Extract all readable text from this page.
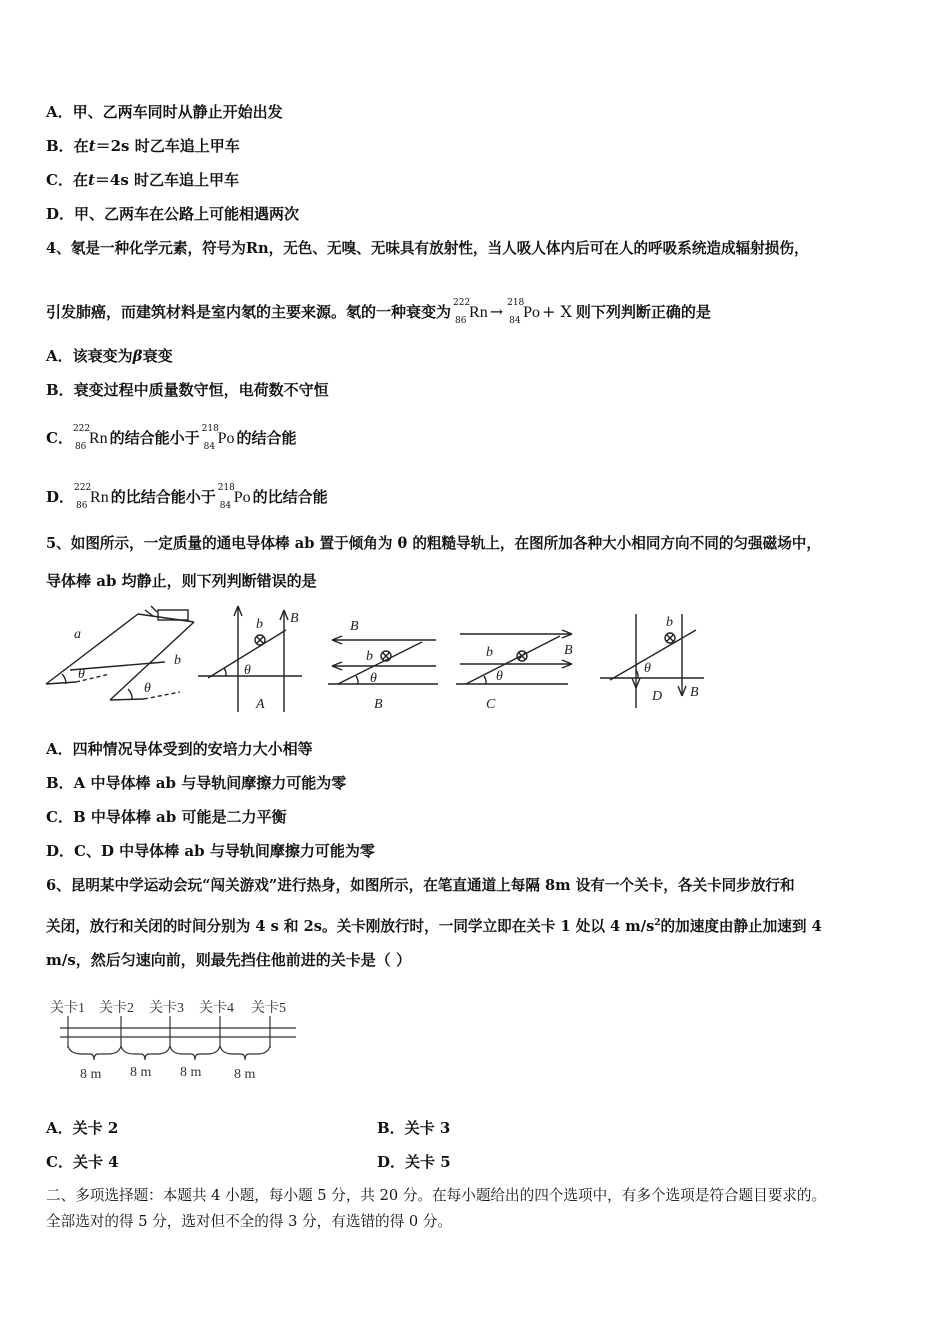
A．甲、乙两车同时从静止开始出发
B．在t＝2s 时乙车追上甲车
C．在t＝4s 时乙车追上甲车
D．甲、乙两车在公路上可能相遇两次
4、氡是一种化学元素，符号为Rn，无色、无嗅、无味具有放射性，当人吸人体内后可在人的呼吸系统造成辐射损伤，
引发肺癌，而建筑材料是室内氡的主要来源。氡的一种衰变为 222
86 Rn → 218
84 Po + X 则下列判断正确的是
A．该衰变为β衰变
B．衰变过程中质量数守恒，电荷数不守恒
C． 222
86 Rn 的结合能小于 218
84 Po 的结合能
D． 222
86 Rn 的比结合能小于 218
84 Po 的比结合能
5、如图所示，一定质量的通电导体棒 ab 置于倾角为 θ 的粗糙导轨上，在图所加各种大小相同方向不同的匀强磁场中，
导体棒 ab 均静止，则下列判断错误的是
a
b
θ
θ
b B
θ
A
B
b
θ
B
b	B
θ
C
b
θ
D B
A．四种情况导体受到的安培力大小相等
B．A 中导体棒 ab 与导轨间摩擦力可能为零
C．B 中导体棒 ab 可能是二力平衡
D．C、D 中导体棒 ab 与导轨间摩擦力可能为零
6、昆明某中学运动会玩“闯关游戏”进行热身，如图所示，在笔直通道上每隔 8m 设有一个关卡，各关卡同步放行和
关闭，放行和关闭的时间分别为 4 s 和 2s。关卡刚放行时，一同学立即在关卡 1 处以 4 $m/s^2$的加速度由静止加速到 4
m/s，然后匀速向前，则最先挡住他前进的关卡是（ ）
关卡1 关卡2 关卡3 关卡4 关卡5
8 m 8 m 8 m 8 m
A．关卡 2	B．关卡 3
C．关卡 4	D．关卡 5
二、多项选择题：本题共 4 小题，每小题 5 分，共 20 分。在每小题给出的四个选项中，有多个选项是符合题目要求的。
全部选对的得 5 分，选对但不全的得 3 分，有选错的得 0 分。
